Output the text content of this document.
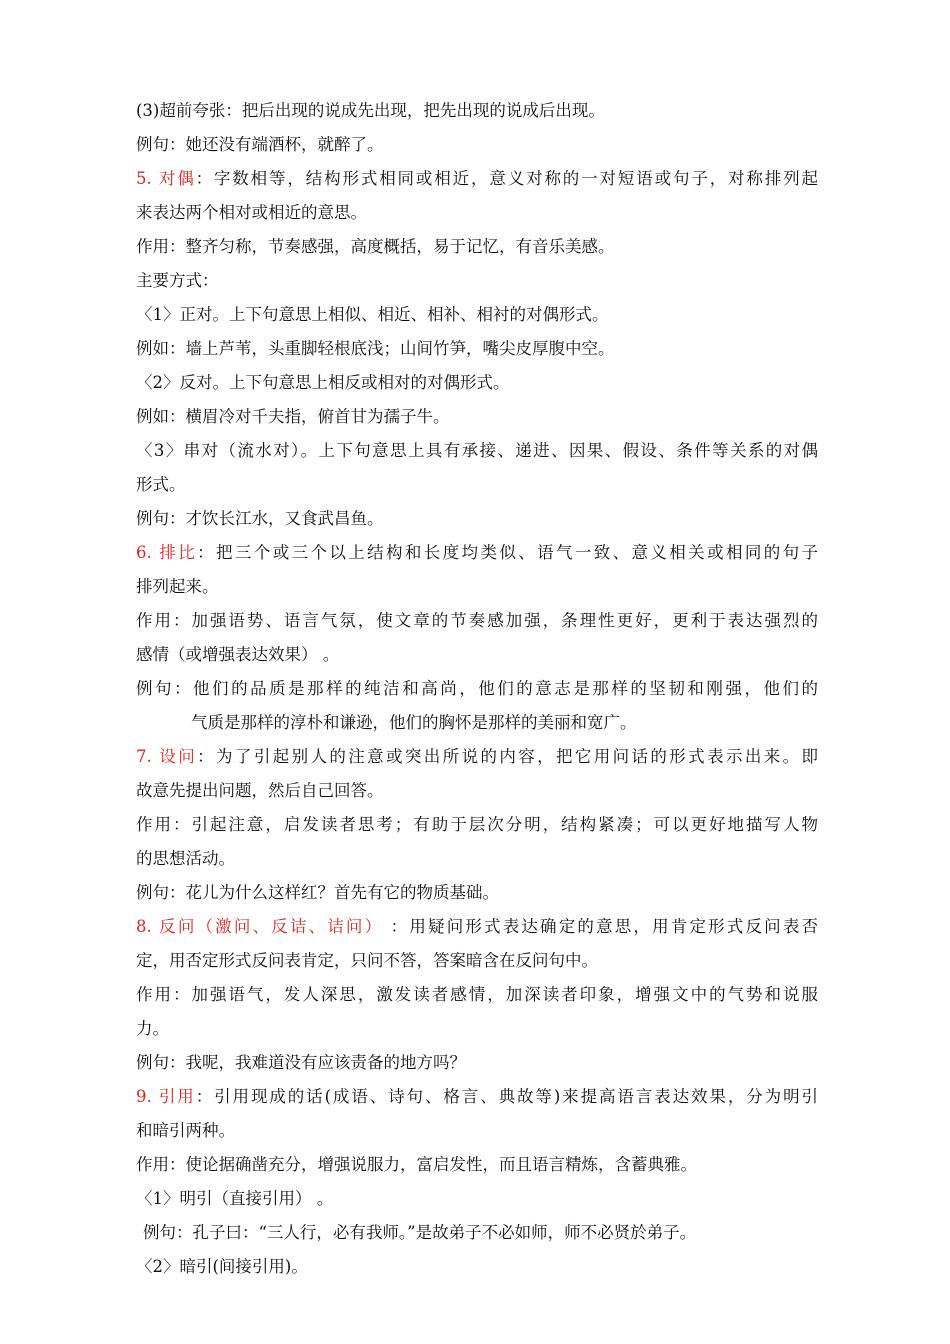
(3)超前夸张：把后出现的说成先出现，把先出现的说成后出现。
例句：她还没有端酒杯，就醉了。
5. 对偶：字数相等，结构形式相同或相近，意义对称的一对短语或句子，对称排列起
来表达两个相对或相近的意思。
作用：整齐匀称，节奏感强，高度概括，易于记忆，有音乐美感。
主要方式：
〈1〉正对。上下句意思上相似、相近、相补、相衬的对偶形式。
例如：墙上芦苇，头重脚轻根底浅；山间竹笋，嘴尖皮厚腹中空。
〈2〉反对。上下句意思上相反或相对的对偶形式。
例如：横眉冷对千夫指，俯首甘为孺子牛。
〈3〉串对（流水对）。上下句意思上具有承接、递进、因果、假设、条件等关系的对偶
形式。
例句：才饮长江水，又食武昌鱼。
6. 排比：把三个或三个以上结构和长度均类似、语气一致、意义相关或相同的句子
排列起来。
作用：加强语势、语言气氛，使文章的节奏感加强，条理性更好，更利于表达强烈的
感情（或增强表达效果） 。
例句：他们的品质是那样的纯洁和高尚，他们的意志是那样的坚韧和刚强，他们的
气质是那样的淳朴和谦逊，他们的胸怀是那样的美丽和宽广。
7. 设问：为了引起别人的注意或突出所说的内容，把它用问话的形式表示出来。即
故意先提出问题，然后自己回答。
作用：引起注意，启发读者思考；有助于层次分明，结构紧凑；可以更好地描写人物
的思想活动。
例句：花儿为什么这样红？首先有它的物质基础。
8. 反问（激问、反诘、诘问） ：用疑问形式表达确定的意思，用肯定形式反问表否
定，用否定形式反问表肯定，只问不答，答案暗含在反问句中。
作用：加强语气，发人深思，激发读者感情，加深读者印象，增强文中的气势和说服
力。
例句：我呢，我难道没有应该责备的地方吗？
9. 引用：引用现成的话(成语、诗句、格言、典故等)来提高语言表达效果，分为明引
和暗引两种。
作用：使论据确凿充分，增强说服力，富启发性，而且语言精炼，含蓄典雅。
〈1〉明引（直接引用） 。
例句：孔子曰：“三人行，必有我师。”是故弟子不必如师，师不必贤於弟子。
〈2〉暗引(间接引用)。
